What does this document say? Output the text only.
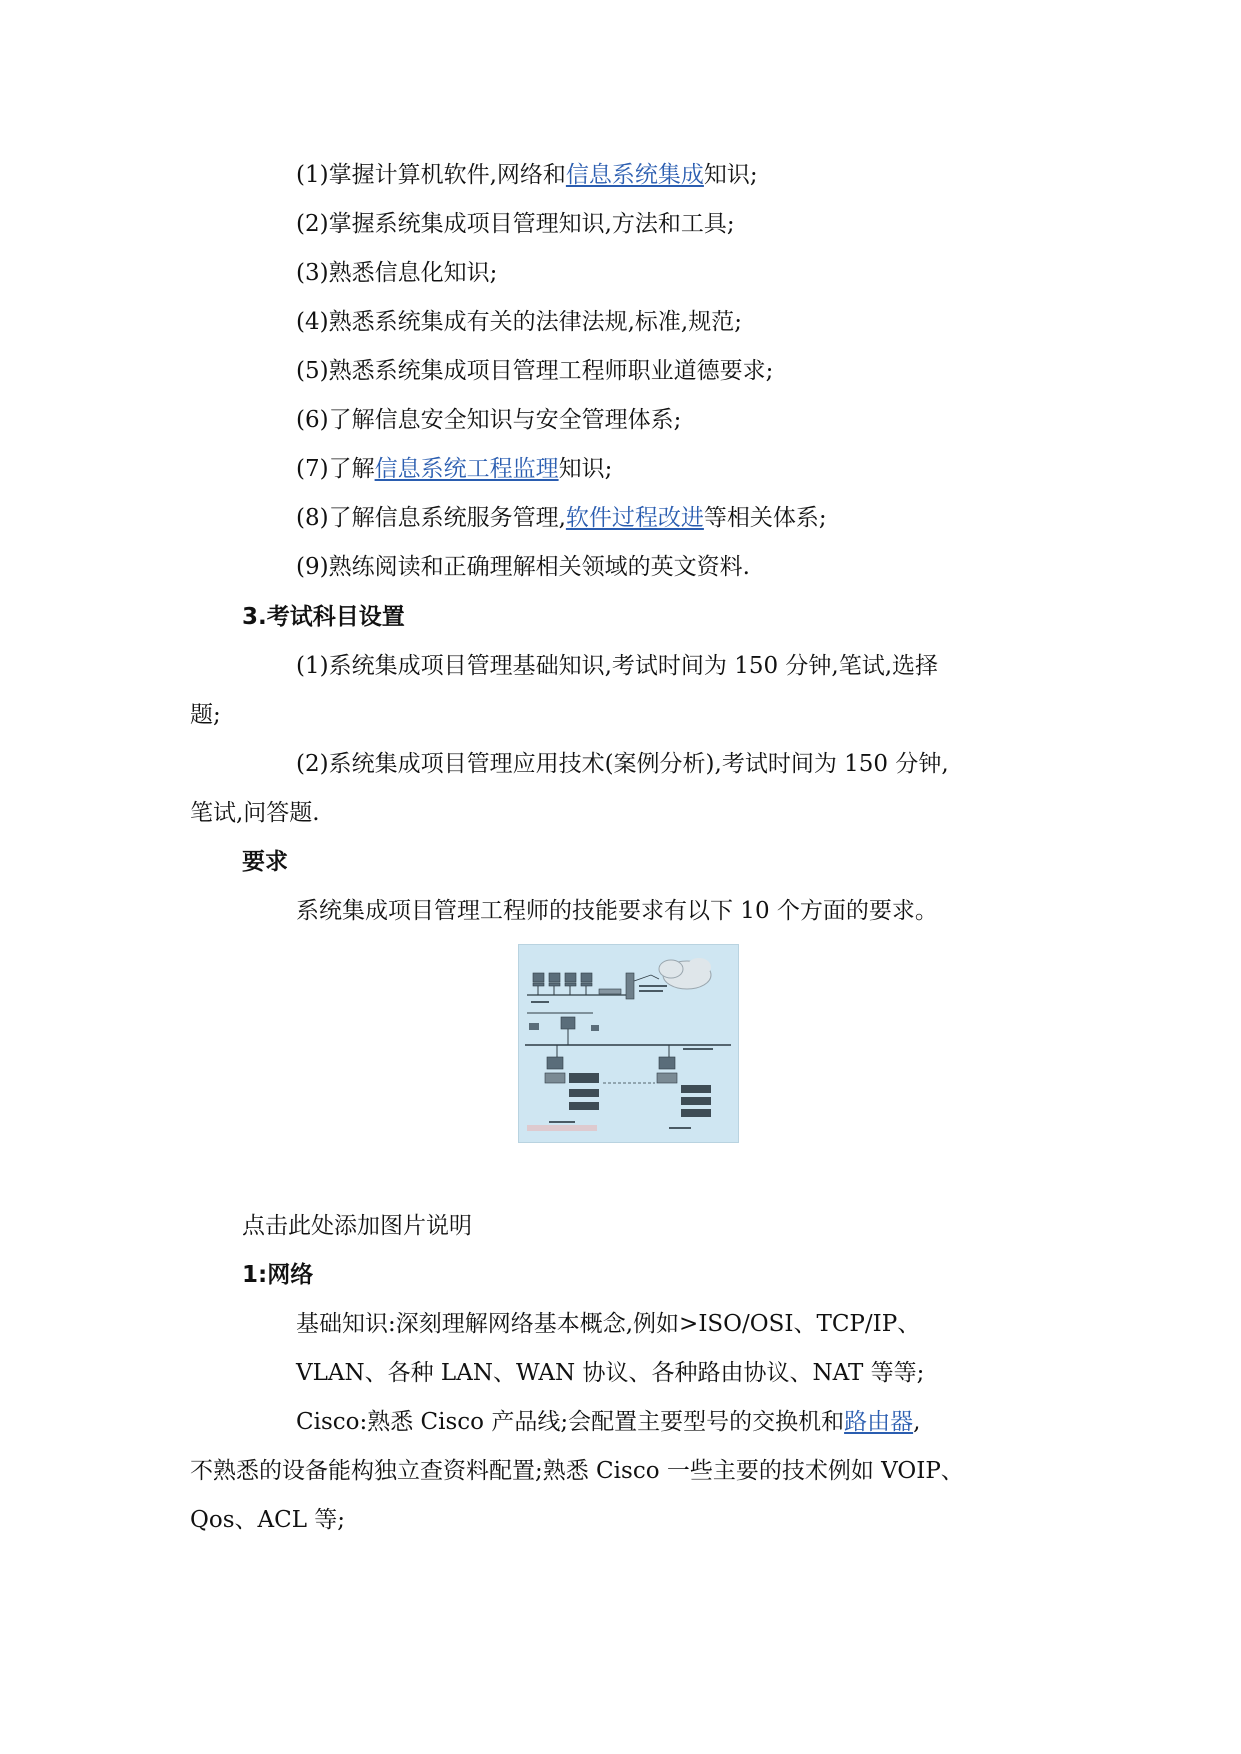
(1)掌握计算机软件,网络和信息系统集成知识;
(2)掌握系统集成项目管理知识,方法和工具;
(3)熟悉信息化知识;
(4)熟悉系统集成有关的法律法规,标准,规范;
(5)熟悉系统集成项目管理工程师职业道德要求;
(6)了解信息安全知识与安全管理体系;
(7)了解信息系统工程监理知识;
(8)了解信息系统服务管理,软件过程改进等相关体系;
(9)熟练阅读和正确理解相关领域的英文资料.
3.考试科目设置
(1)系统集成项目管理基础知识,考试时间为 150 分钟,笔试,选择
题;
(2)系统集成项目管理应用技术(案例分析),考试时间为 150 分钟,
笔试,问答题.
要求
系统集成项目管理工程师的技能要求有以下 10 个方面的要求。
点击此处添加图片说明
1:网络
基础知识:深刻理解网络基本概念,例如>ISO/OSI、TCP/IP、
VLAN、各种 LAN、WAN 协议、各种路由协议、NAT 等等;
Cisco:熟悉 Cisco 产品线;会配置主要型号的交换机和路由器,
不熟悉的设备能构独立查资料配置;熟悉 Cisco 一些主要的技术例如 VOIP、
Qos、ACL 等;
